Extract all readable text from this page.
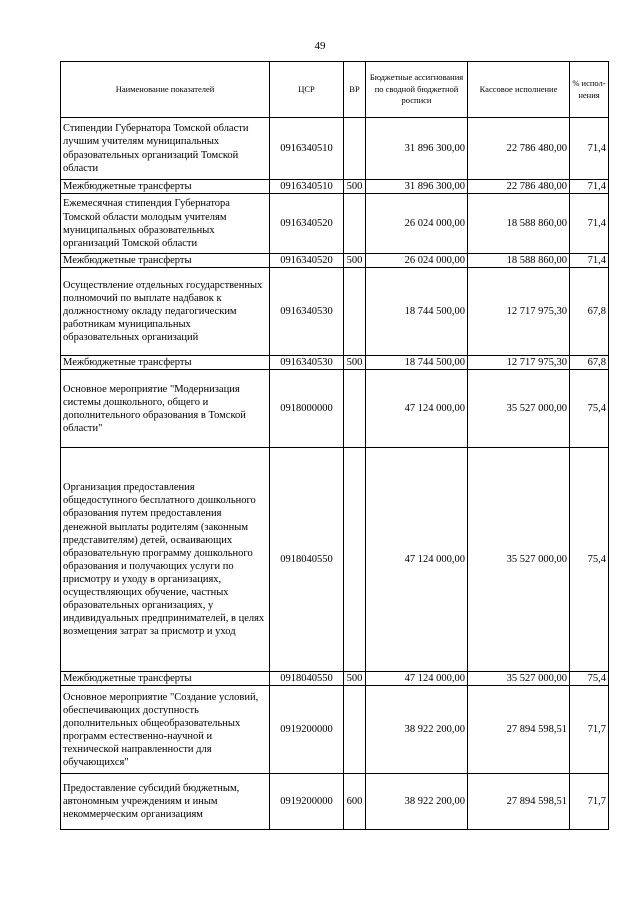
49
Наименование показателей	ЦСР	ВР	Бюджетные ассигнования по сводной бюджетной росписи	Кассовое исполнение	% испол-нения
Стипендии Губернатора Томской области лучшим учителям муниципальных образовательных организаций Томской области	0916340510		31 896 300,00	22 786 480,00	71,4
Межбюджетные трансферты	0916340510	500	31 896 300,00	22 786 480,00	71,4
Ежемесячная стипендия Губернатора Томской области молодым учителям муниципальных образовательных организаций Томской области	0916340520		26 024 000,00	18 588 860,00	71,4
Межбюджетные трансферты	0916340520	500	26 024 000,00	18 588 860,00	71,4
Осуществление отдельных государственных полномочий по выплате надбавок к должностному окладу педагогическим работникам муниципальных образовательных организаций	0916340530		18 744 500,00	12 717 975,30	67,8
Межбюджетные трансферты	0916340530	500	18 744 500,00	12 717 975,30	67,8
Основное мероприятие "Модернизация системы дошкольного, общего и дополнительного образования в Томской области"	0918000000		47 124 000,00	35 527 000,00	75,4
Организация предоставления общедоступного бесплатного дошкольного образования путем предоставления денежной выплаты родителям (законным представителям) детей, осваивающих образовательную программу дошкольного образования и получающих услуги по присмотру и уходу в организациях, осуществляющих обучение, частных образовательных организациях, у индивидуальных предпринимателей, в целях возмещения затрат за присмотр и уход	0918040550		47 124 000,00	35 527 000,00	75,4
Межбюджетные трансферты	0918040550	500	47 124 000,00	35 527 000,00	75,4
Основное мероприятие "Создание условий, обеспечивающих доступность дополнительных общеобразовательных программ естественно-научной и технической направленности для обучающихся"	0919200000		38 922 200,00	27 894 598,51	71,7
Предоставление субсидий бюджетным, автономным учреждениям и иным некоммерческим организациям	0919200000	600	38 922 200,00	27 894 598,51	71,7
